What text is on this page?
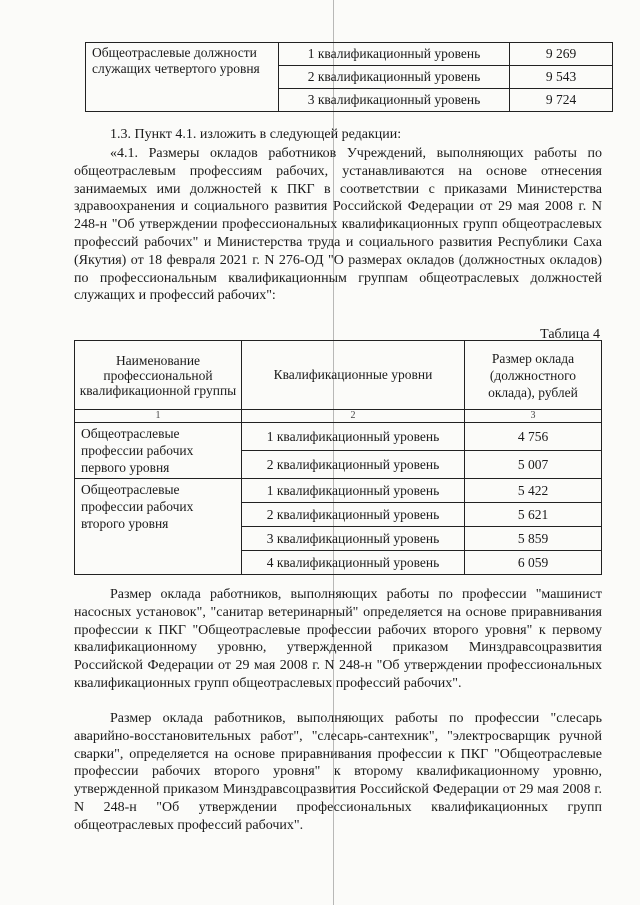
Общеотраслевые должности служащих четвертого уровня	1 квалификационный уровень	9 269
	2 квалификационный уровень	9 543
	3 квалификационный уровень	9 724

1.3. Пункт 4.1. изложить в следующей редакции:

«4.1. Размеры окладов работников Учреждений, выполняющих работы по общеотраслевым профессиям рабочих, устанавливаются на основе отнесения занимаемых ими должностей к ПКГ в соответствии с приказами Министерства здравоохранения и социального развития Российской Федерации от 29 мая 2008 г. N 248-н "Об утверждении профессиональных квалификационных групп общеотраслевых профессий рабочих" и Министерства труда и социального развития Республики Саха (Якутия) от 18 февраля 2021 г. N 276-ОД "О размерах окладов (должностных окладов) по профессиональным квалификационным группам общеотраслевых должностей служащих и профессий рабочих":

Таблица 4
Наименование профессиональной квалификационной группы	Квалификационные уровни	Размер оклада (должностного оклада), рублей
1	2	3
Общеотраслевые профессии рабочих первого уровня	1 квалификационный уровень	4 756
	2 квалификационный уровень	5 007
Общеотраслевые профессии рабочих второго уровня	1 квалификационный уровень	5 422
	2 квалификационный уровень	5 621
	3 квалификационный уровень	5 859
	4 квалификационный уровень	6 059

Размер оклада работников, выполняющих работы по профессии "машинист насосных установок", "санитар ветеринарный" определяется на основе приравнивания профессии к ПКГ "Общеотраслевые профессии рабочих второго уровня" к первому квалификационному уровню, утвержденной приказом Минздравсоцразвития Российской Федерации от 29 мая 2008 г. N 248-н "Об утверждении профессиональных квалификационных групп общеотраслевых профессий рабочих".

Размер оклада работников, выполняющих работы по профессии "слесарь аварийно-восстановительных работ", "слесарь-сантехник", "электросварщик ручной сварки", определяется на основе приравнивания профессии к ПКГ "Общеотраслевые профессии рабочих второго уровня" к второму квалификационному уровню, утвержденной приказом Минздравсоцразвития Российской Федерации от 29 мая 2008 г. N 248-н "Об утверждении профессиональных квалификационных групп общеотраслевых профессий рабочих".
